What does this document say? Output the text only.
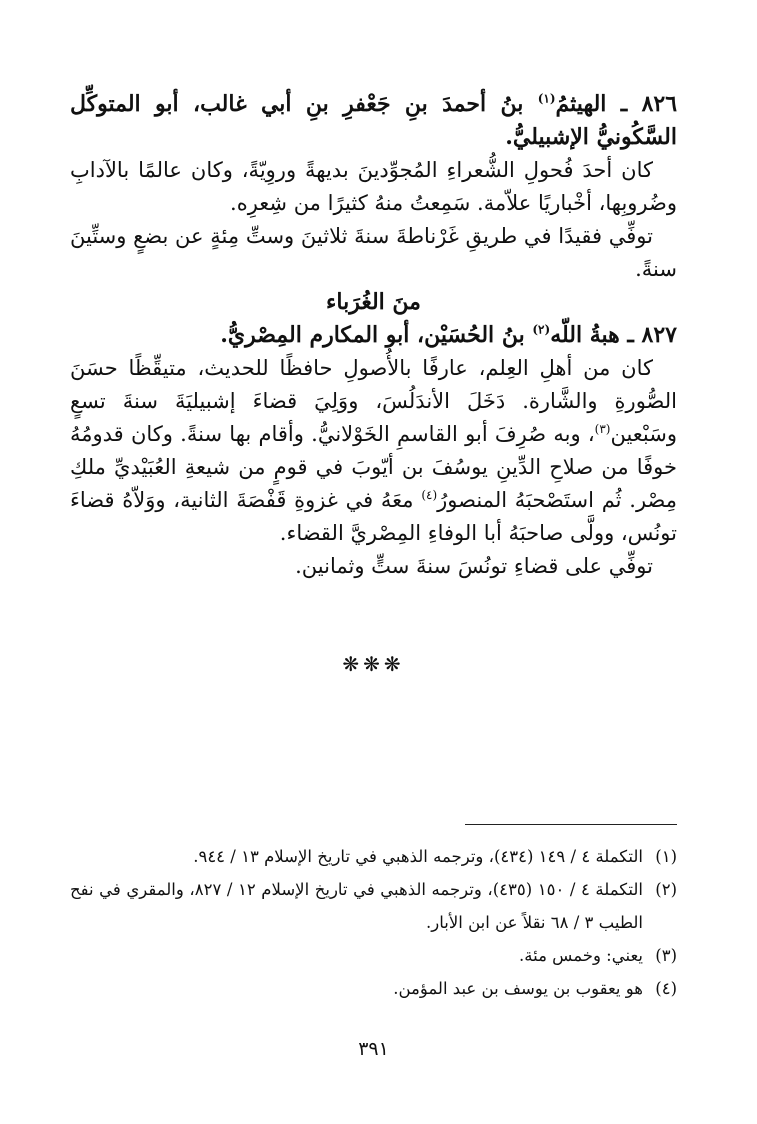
٨٢٦ ـ الهيثمُ$^{(١)}$ بنُ أحمدَ بنِ جَعْفرِ بنِ أبي غالب، أبو المتوكِّل السَّكُونيُّ الإشبيليُّ.

كان أحدَ فُحولِ الشُّعراءِ المُجوِّدينَ بديهةً وروِيّةً، وكان عالمًا بالآدابِ وضُروبِها، أخْباريًا علاّمة. سَمِعتُ منهُ كثيرًا من شِعرِه.

توفِّي فقيدًا في طريقِ غَرْناطةَ سنةَ ثلاثينَ وستِّ مِئةٍ عن بضعٍ وستِّينَ سنةً.

منَ الغُرَباء

٨٢٧ ـ هبةُ اللّه$^{(٢)}$ بنُ الحُسَيْن، أبو المكارم المِصْريُّ.

كان من أهلِ العِلم، عارفًا بالأُصولِ حافظًا للحديث، متيقِّظًا حسَنَ الصُّورةِ والشَّارة. دَخَلَ الأندَلُسَ، ووَلِيَ قضاءَ إشبيليَةَ سنةَ تسعٍ وسَبْعين$^{(٣)}$، وبه صُرِفَ أبو القاسمِ الخَوْلانيُّ. وأقام بها سنةً. وكان قدومُهُ خوفًا من صلاحِ الدِّينِ يوسُفَ بن أيّوبَ في قومٍ من شيعةِ العُبَيْديِّ ملكِ مِصْر. ثُم استَصْحبَهُ المنصورُ$^{(٤)}$ معَهُ في غزوةِ قَفْصَةَ الثانية، ووَلاّهُ قضاءَ تونُس، وولَّى صاحبَهُ أبا الوفاءِ المِصْريَّ القضاء.

توفِّي على قضاءِ تونُسَ سنةَ ستٍّ وثمانين.

❋❋❋
(١)
التكملة ٤ / ١٤٩ (٤٣٤)، وترجمه الذهبي في تاريخ الإسلام ١٣ / ٩٤٤.
(٢)
التكملة ٤ / ١٥٠ (٤٣٥)، وترجمه الذهبي في تاريخ الإسلام ١٢ / ٨٢٧، والمقري في نفح الطيب ٣ / ٦٨ نقلاً عن ابن الأبار.
(٣)
يعني: وخمس مئة.
(٤)
هو يعقوب بن يوسف بن عبد المؤمن.
٣٩١
